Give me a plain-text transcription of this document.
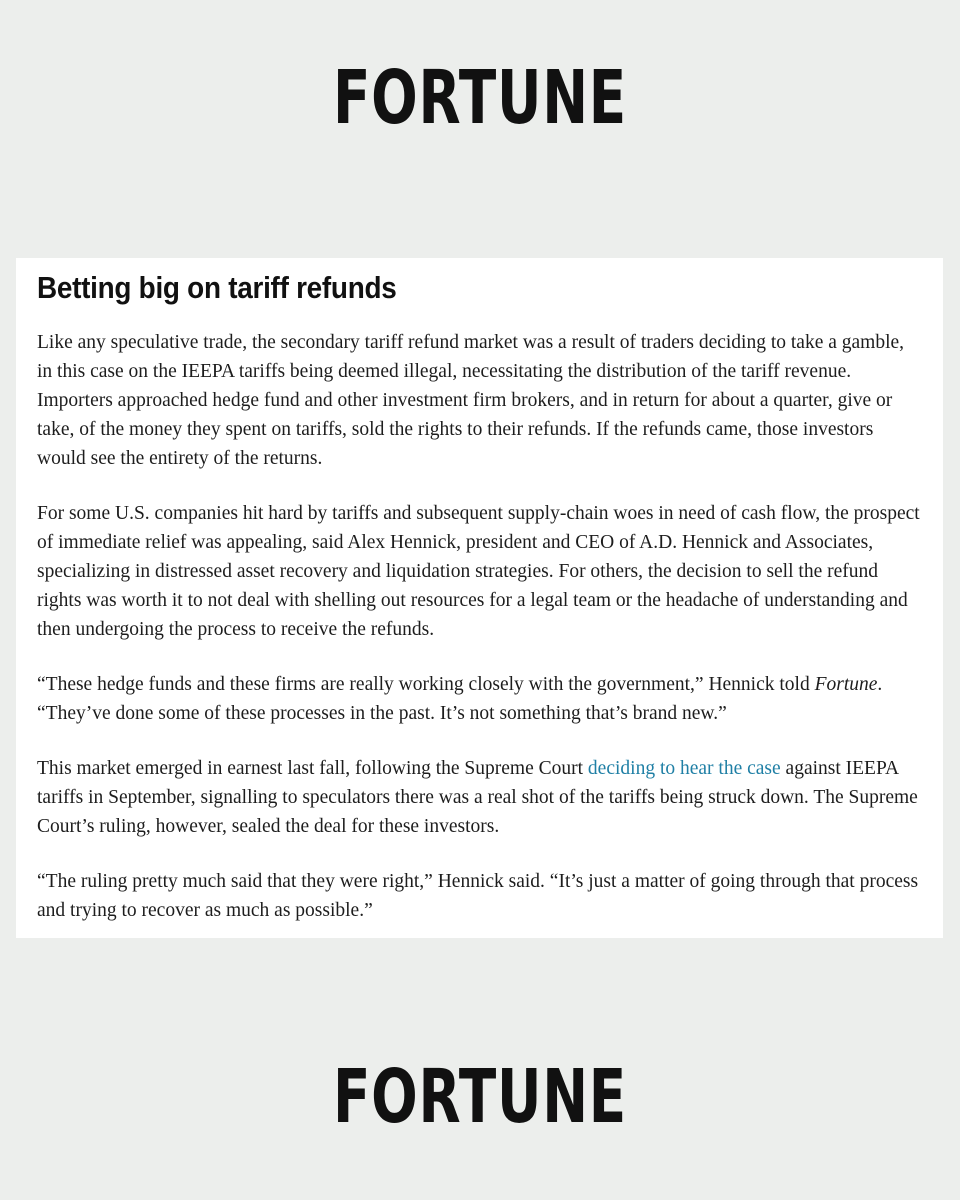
FORTUNE
Betting big on tariff refunds

Like any speculative trade, the secondary tariff refund market was a result of traders deciding to take a gamble, in this case on the IEEPA tariffs being deemed illegal, necessitating the distribution of the tariff revenue. Importers approached hedge fund and other investment firm brokers, and in return for about a quarter, give or take, of the money they spent on tariffs, sold the rights to their refunds. If the refunds came, those investors would see the entirety of the returns.

For some U.S. companies hit hard by tariffs and subsequent supply-chain woes in need of cash flow, the prospect of immediate relief was appealing, said Alex Hennick, president and CEO of A.D. Hennick and Associates, specializing in distressed asset recovery and liquidation strategies. For others, the decision to sell the refund rights was worth it to not deal with shelling out resources for a legal team or the headache of understanding and then undergoing the process to receive the refunds.

“These hedge funds and these firms are really working closely with the government,” Hennick told Fortune. “They’ve done some of these processes in the past. It’s not something that’s brand new.”

This market emerged in earnest last fall, following the Supreme Court deciding to hear the case against IEEPA tariffs in September, signalling to speculators there was a real shot of the tariffs being struck down. The Supreme Court’s ruling, however, sealed the deal for these investors.

“The ruling pretty much said that they were right,” Hennick said. “It’s just a matter of going through that process and trying to recover as much as possible.”

FORTUNE
